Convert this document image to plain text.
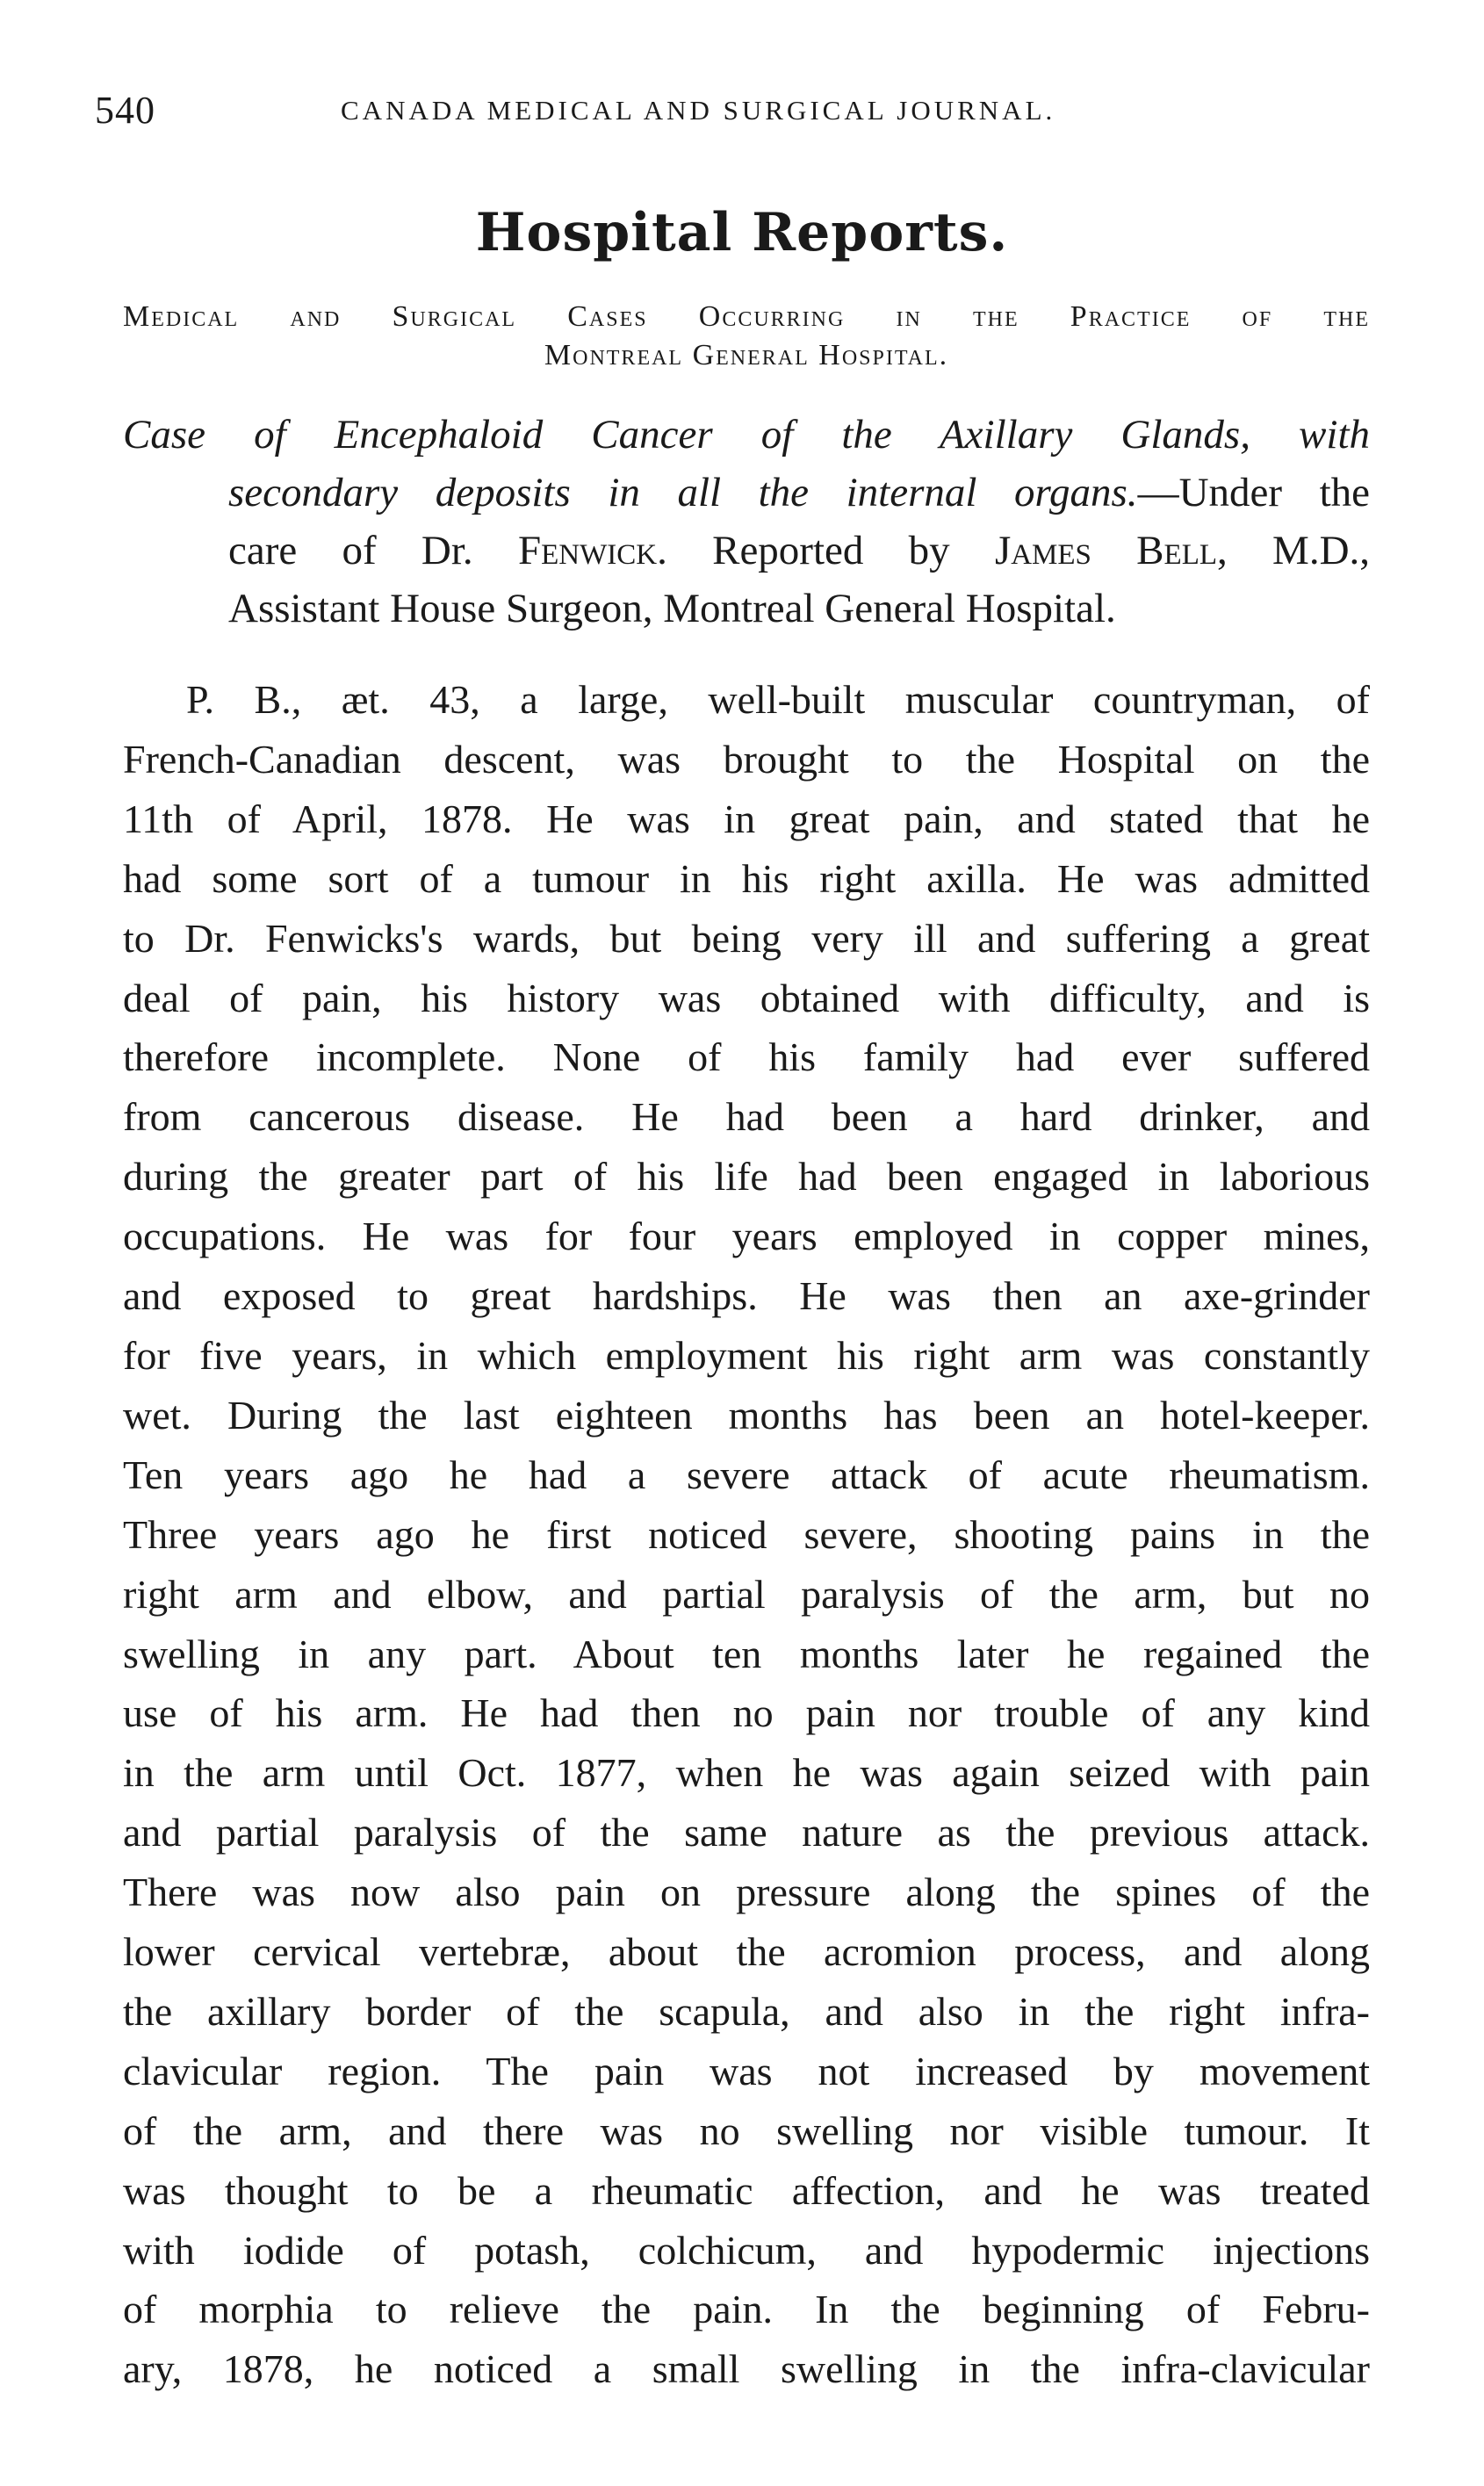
540	CANADA MEDICAL AND SURGICAL JOURNAL.
Hospital Reports.
Medical and Surgical Cases Occurring in the Practice of the
Montreal General Hospital.
Case of Encephaloid Cancer of the Axillary Glands, with
secondary deposits in all the internal organs.—Under the
care of Dr. Fenwick. Reported by James Bell, M.D.,
Assistant House Surgeon, Montreal General Hospital.
P. B., æt. 43, a large, well-built muscular countryman, of
French-Canadian descent, was brought to the Hospital on the
11th of April, 1878. He was in great pain, and stated that he
had some sort of a tumour in his right axilla. He was admitted
to Dr. Fenwicks's wards, but being very ill and suffering a great
deal of pain, his history was obtained with difficulty, and is
therefore incomplete. None of his family had ever suffered
from cancerous disease. He had been a hard drinker, and
during the greater part of his life had been engaged in laborious
occupations. He was for four years employed in copper mines,
and exposed to great hardships. He was then an axe-grinder
for five years, in which employment his right arm was constantly
wet. During the last eighteen months has been an hotel-keeper.
Ten years ago he had a severe attack of acute rheumatism.
Three years ago he first noticed severe, shooting pains in the
right arm and elbow, and partial paralysis of the arm, but no
swelling in any part. About ten months later he regained the
use of his arm. He had then no pain nor trouble of any kind
in the arm until Oct. 1877, when he was again seized with pain
and partial paralysis of the same nature as the previous attack.
There was now also pain on pressure along the spines of the
lower cervical vertebræ, about the acromion process, and along
the axillary border of the scapula, and also in the right infra-
clavicular region. The pain was not increased by movement
of the arm, and there was no swelling nor visible tumour. It
was thought to be a rheumatic affection, and he was treated
with iodide of potash, colchicum, and hypodermic injections
of morphia to relieve the pain. In the beginning of Febru-
ary, 1878, he noticed a small swelling in the infra-clavicular
